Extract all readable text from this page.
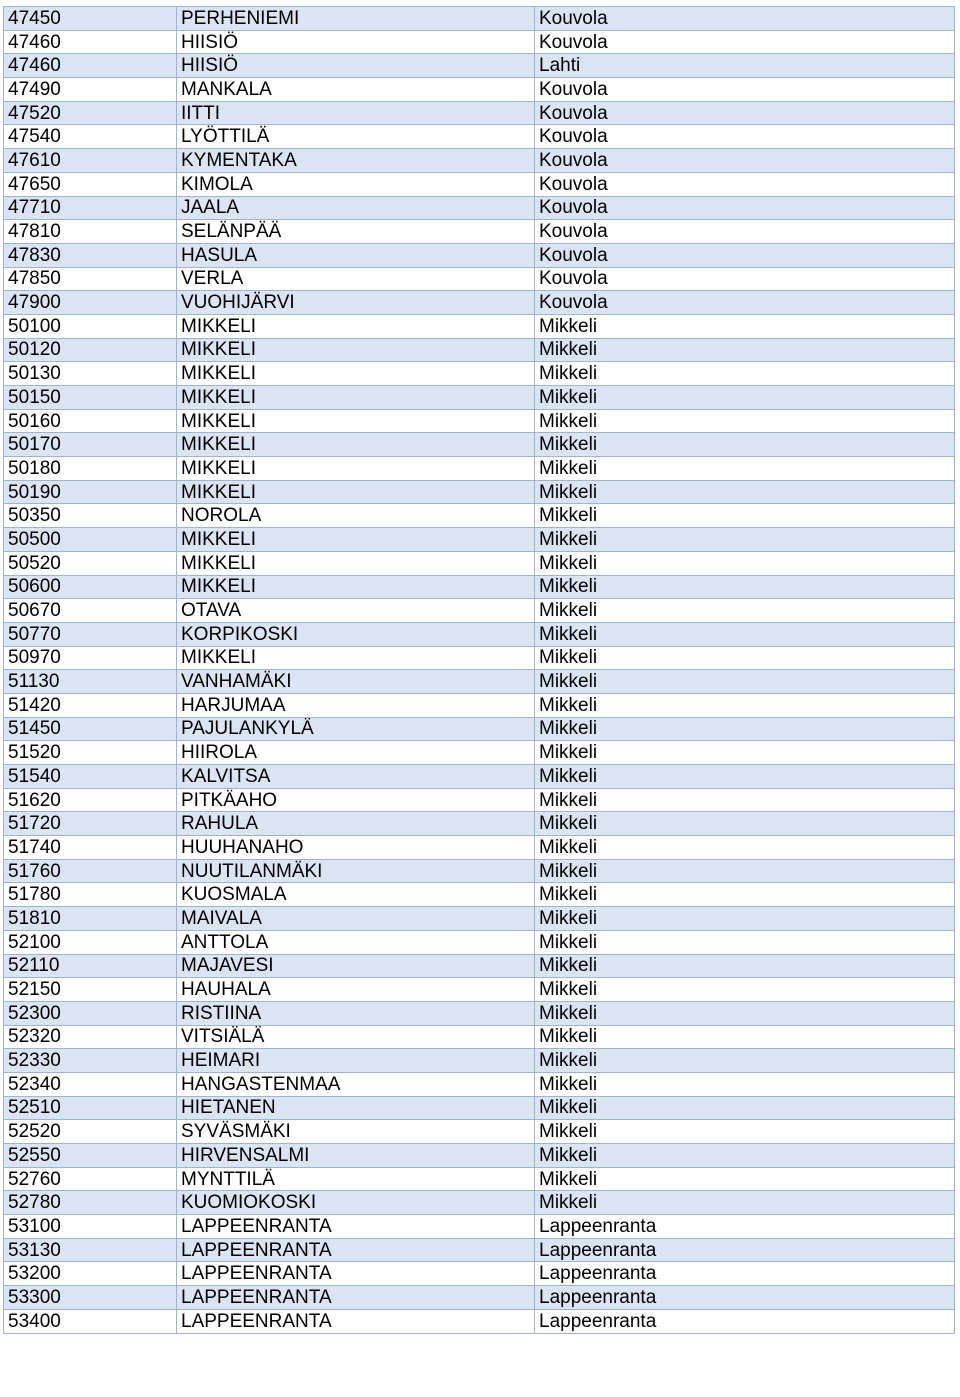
47450	PERHENIEMI	Kouvola
47460	HIISIÖ	Kouvola
47460	HIISIÖ	Lahti
47490	MANKALA	Kouvola
47520	IITTI	Kouvola
47540	LYÖTTILÄ	Kouvola
47610	KYMENTAKA	Kouvola
47650	KIMOLA	Kouvola
47710	JAALA	Kouvola
47810	SELÄNPÄÄ	Kouvola
47830	HASULA	Kouvola
47850	VERLA	Kouvola
47900	VUOHIJÄRVI	Kouvola
50100	MIKKELI	Mikkeli
50120	MIKKELI	Mikkeli
50130	MIKKELI	Mikkeli
50150	MIKKELI	Mikkeli
50160	MIKKELI	Mikkeli
50170	MIKKELI	Mikkeli
50180	MIKKELI	Mikkeli
50190	MIKKELI	Mikkeli
50350	NOROLA	Mikkeli
50500	MIKKELI	Mikkeli
50520	MIKKELI	Mikkeli
50600	MIKKELI	Mikkeli
50670	OTAVA	Mikkeli
50770	KORPIKOSKI	Mikkeli
50970	MIKKELI	Mikkeli
51130	VANHAMÄKI	Mikkeli
51420	HARJUMAA	Mikkeli
51450	PAJULANKYLÄ	Mikkeli
51520	HIIROLA	Mikkeli
51540	KALVITSA	Mikkeli
51620	PITKÄAHO	Mikkeli
51720	RAHULA	Mikkeli
51740	HUUHANAHO	Mikkeli
51760	NUUTILANMÄKI	Mikkeli
51780	KUOSMALA	Mikkeli
51810	MAIVALA	Mikkeli
52100	ANTTOLA	Mikkeli
52110	MAJAVESI	Mikkeli
52150	HAUHALA	Mikkeli
52300	RISTIINA	Mikkeli
52320	VITSIÄLÄ	Mikkeli
52330	HEIMARI	Mikkeli
52340	HANGASTENMAA	Mikkeli
52510	HIETANEN	Mikkeli
52520	SYVÄSMÄKI	Mikkeli
52550	HIRVENSALMI	Mikkeli
52760	MYNTTILÄ	Mikkeli
52780	KUOMIOKOSKI	Mikkeli
53100	LAPPEENRANTA	Lappeenranta
53130	LAPPEENRANTA	Lappeenranta
53200	LAPPEENRANTA	Lappeenranta
53300	LAPPEENRANTA	Lappeenranta
53400	LAPPEENRANTA	Lappeenranta
